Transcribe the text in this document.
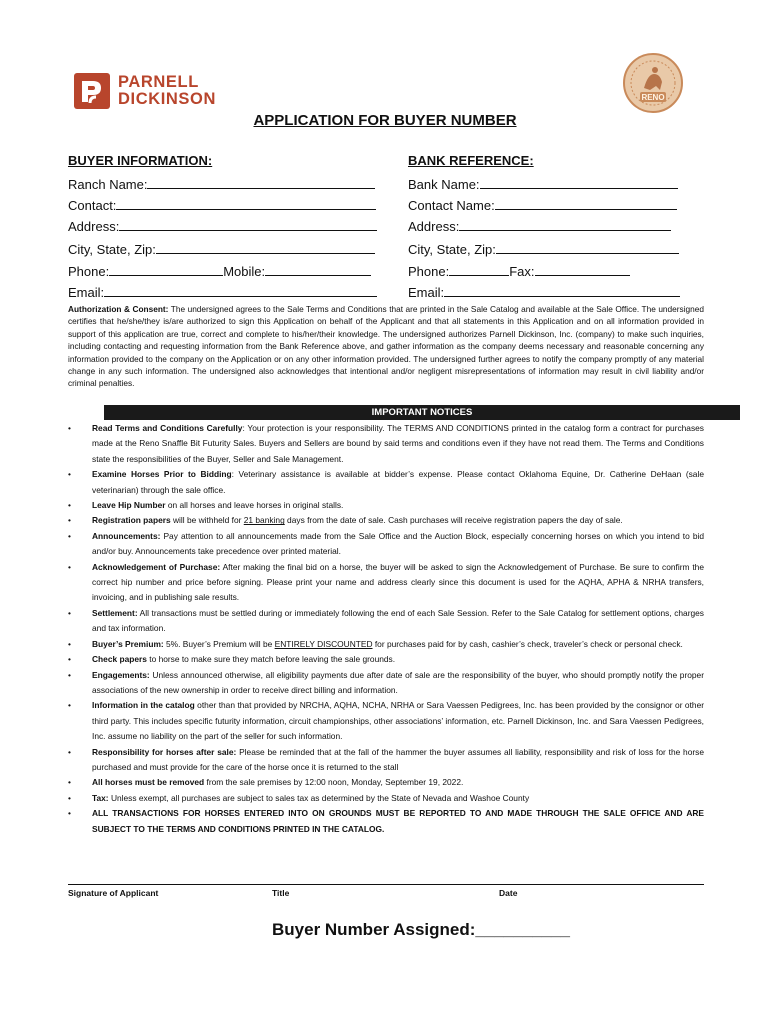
PARNELL
DICKINSON	RENO
APPLICATION FOR BUYER NUMBER
BUYER INFORMATION:
Ranch Name:
Contact:
Address:
City, State, Zip:
Phone:	Mobile:
Email:
BANK REFERENCE:
Bank Name:
Contact Name:
Address:
City, State, Zip:
Phone:	Fax:
Email:
Authorization & Consent: The undersigned agrees to the Sale Terms and Conditions that are printed in the Sale Catalog and available at the Sale Office. The undersigned certifies that he/she/they is/are authorized to sign this Application on behalf of the Applicant and that all statements in this Application and on all information provided in support of this application are true, correct and complete to his/her/their knowledge. The undersigned authorizes Parnell Dickinson, Inc. (company) to make such inquiries, including contacting and requesting information from the Bank Reference above, and gather information as the company deems necessary and reasonable concerning any information provided to the company on the Application or on any other information provided. The undersigned further agrees to notify the company promptly of any material change in any such information. The undersigned also acknowledges that intentional and/or negligent misrepresentations of information may result in civil liability and/or criminal penalties.
IMPORTANT NOTICES
•	Read Terms and Conditions Carefully: Your protection is your responsibility. The TERMS AND CONDITIONS printed in the catalog form a contract for purchases made at the Reno Snaffle Bit Futurity Sales. Buyers and Sellers are bound by said terms and conditions even if they have not read them. The Terms and Conditions state the responsibilities of the Buyer, Seller and Sale Management.
•	Examine Horses Prior to Bidding: Veterinary assistance is available at bidder’s expense. Please contact Oklahoma Equine, Dr. Catherine DeHaan (sale veterinarian) through the sale office.
•	Leave Hip Number on all horses and leave horses in original stalls.
•	Registration papers will be withheld for 21 banking days from the date of sale. Cash purchases will receive registration papers the day of sale.
•	Announcements: Pay attention to all announcements made from the Sale Office and the Auction Block, especially concerning horses on which you intend to bid and/or buy. Announcements take precedence over printed material.
•	Acknowledgement of Purchase: After making the final bid on a horse, the buyer will be asked to sign the Acknowledgement of Purchase. Be sure to confirm the correct hip number and price before signing. Please print your name and address clearly since this document is used for the AQHA, APHA & NRHA transfers, invoicing, and in publishing sale results.
•	Settlement: All transactions must be settled during or immediately following the end of each Sale Session. Refer to the Sale Catalog for settlement options, charges and tax information.
•	Buyer’s Premium: 5%. Buyer’s Premium will be ENTIRELY DISCOUNTED for purchases paid for by cash, cashier’s check, traveler’s check or personal check.
•	Check papers to horse to make sure they match before leaving the sale grounds.
•	Engagements: Unless announced otherwise, all eligibility payments due after date of sale are the responsibility of the buyer, who should promptly notify the proper associations of the new ownership in order to receive direct billing and information.
•	Information in the catalog other than that provided by NRCHA, AQHA, NCHA, NRHA or Sara Vaessen Pedigrees, Inc. has been provided by the consignor or other third party. This includes specific futurity information, circuit championships, other associations’ information, etc. Parnell Dickinson, Inc. and Sara Vaessen Pedigrees, Inc. assume no liability on the part of the seller for such information.
•	Responsibility for horses after sale: Please be reminded that at the fall of the hammer the buyer assumes all liability, responsibility and risk of loss for the horse purchased and must provide for the care of the horse once it is returned to the stall
•	All horses must be removed from the sale premises by 12:00 noon, Monday, September 19, 2022.
•	Tax: Unless exempt, all purchases are subject to sales tax as determined by the State of Nevada and Washoe County
•	ALL TRANSACTIONS FOR HORSES ENTERED INTO ON GROUNDS MUST BE REPORTED TO AND MADE THROUGH THE SALE OFFICE AND ARE SUBJECT TO THE TERMS AND CONDITIONS PRINTED IN THE CATALOG.
Signature of Applicant	Title	Date
Buyer Number Assigned:__________
